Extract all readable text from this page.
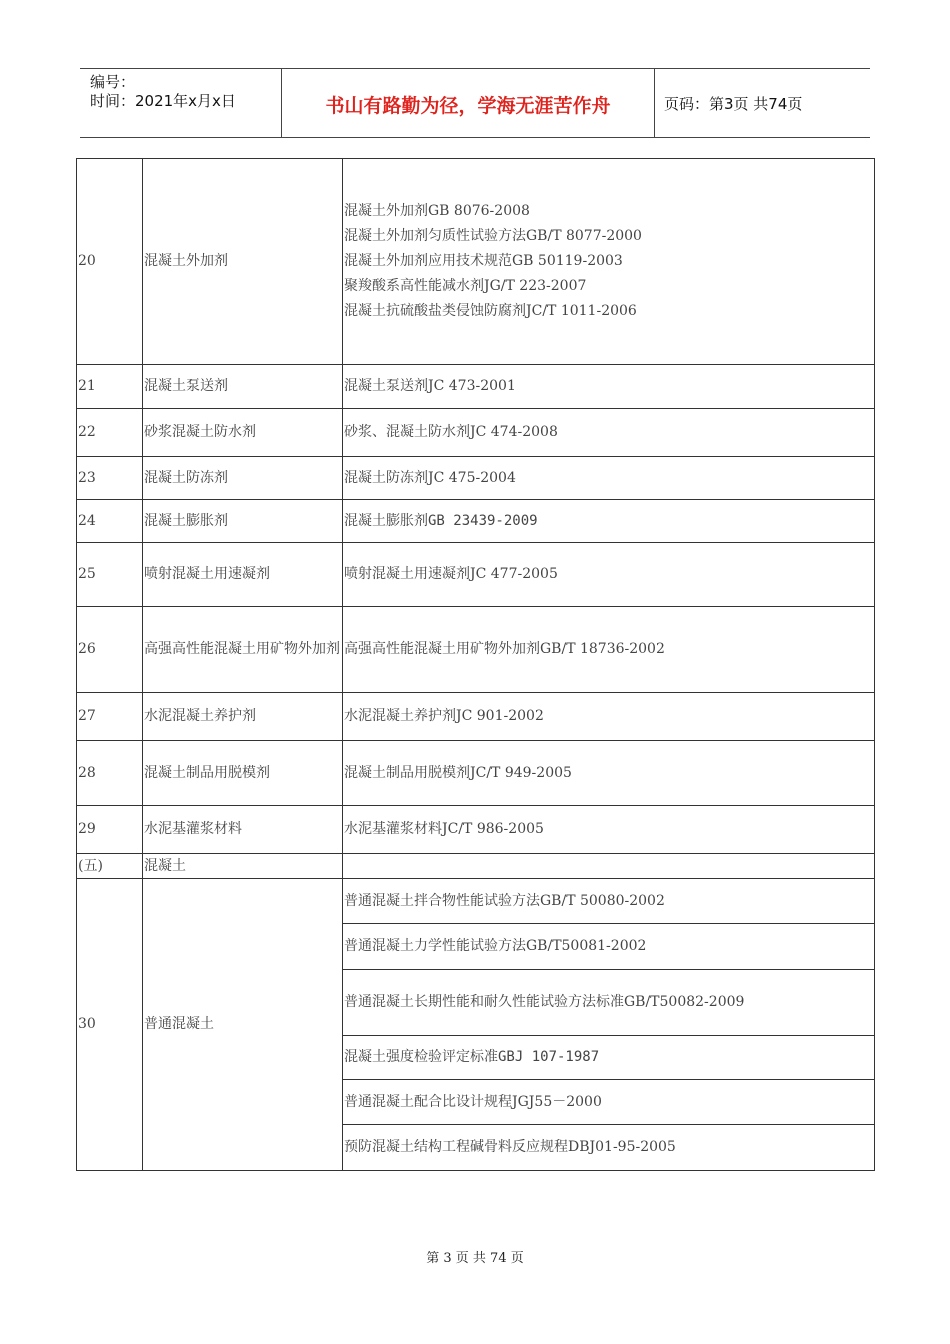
编号：
时间：2021年x月x日	书山有路勤为径，学海无涯苦作舟	页码：第3页 共74页
20	混凝土外加剂	混凝土外加剂GB 8076-2008
混凝土外加剂匀质性试验方法GB/T 8077-2000
混凝土外加剂应用技术规范GB 50119-2003
聚羧酸系高性能减水剂JG/T 223-2007
混凝土抗硫酸盐类侵蚀防腐剂JC/T 1011-2006

21	混凝土泵送剂	混凝土泵送剂JC 473-2001
22	砂浆混凝土防水剂	砂浆、混凝土防水剂JC 474-2008
23	混凝土防冻剂	混凝土防冻剂JC 475-2004
24	混凝土膨胀剂	混凝土膨胀剂GB 23439-2009
25	喷射混凝土用速凝剂	喷射混凝土用速凝剂JC 477-2005
26	高强高性能混凝土用矿物外加剂	高强高性能混凝土用矿物外加剂GB/T 18736-2002
27	水泥混凝土养护剂	水泥混凝土养护剂JC 901-2002
28	混凝土制品用脱模剂	混凝土制品用脱模剂JC/T 949-2005
29	水泥基灌浆材料	水泥基灌浆材料JC/T 986-2005
(五)	混凝土	
30	普通混凝土	普通混凝土拌合物性能试验方法GB/T 50080-2002
		普通混凝土力学性能试验方法GB/T50081-2002
		普通混凝土长期性能和耐久性能试验方法标准GB/T50082-2009
		混凝土强度检验评定标准GBJ 107-1987
		普通混凝土配合比设计规程JGJ55－2000
		预防混凝土结构工程碱骨料反应规程DBJ01-95-2005
第 3 页 共 74 页
